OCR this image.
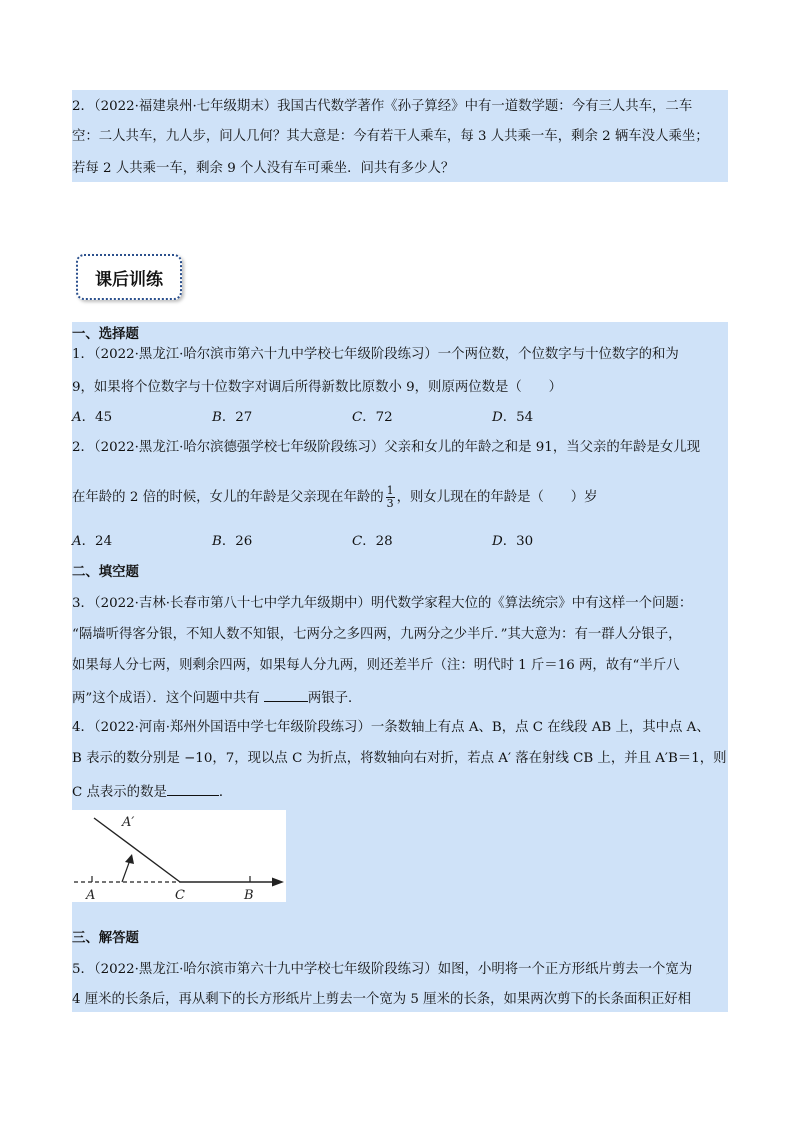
2．（2022·福建泉州·七年级期末）我国古代数学著作《孙子算经》中有一道数学题：今有三人共车，二车
空：二人共车，九人步，问人几何？其大意是：今有若干人乘车，每 3 人共乘一车，剩余 2 辆车没人乘坐；
若每 2 人共乘一车，剩余 9 个人没有车可乘坐．问共有多少人？
课后训练
一、选择题
1．（2022·黑龙江·哈尔滨市第六十九中学校七年级阶段练习）一个两位数，个位数字与十位数字的和为
9，如果将个位数字与十位数字对调后所得新数比原数小 9，则原两位数是（　　）
A．45	B．27	C．72	D．54
2．（2022·黑龙江·哈尔滨德强学校七年级阶段练习）父亲和女儿的年龄之和是 91，当父亲的年龄是女儿现
在年龄的 2 倍的时候，女儿的年龄是父亲现在年龄的 $\frac{1}{3}$ ，则女儿现在的年龄是（　　）岁
A．24	B．26	C．28	D．30
二、填空题
3．（2022·吉林·长春市第八十七中学九年级期中）明代数学家程大位的《算法统宗》中有这样一个问题：
“隔墙听得客分银，不知人数不知银，七两分之多四两，九两分之少半斤．”其大意为：有一群人分银子，
如果每人分七两，则剩余四两，如果每人分九两，则还差半斤（注：明代时 1 斤＝16 两，故有“半斤八
两”这个成语）．这个问题中共有	两银子．
4．（2022·河南·郑州外国语中学七年级阶段练习）一条数轴上有点 A、B，点 C 在线段 AB 上，其中点 A、
B 表示的数分别是 −10，7，现以点 C 为折点，将数轴向右对折，若点 A′ 落在射线 CB 上，并且 A′B＝1，则
C 点表示的数是	．
A′
A	C	B
三、解答题
5．（2022·黑龙江·哈尔滨市第六十九中学校七年级阶段练习）如图，小明将一个正方形纸片剪去一个宽为
4 厘米的长条后，再从剩下的长方形纸片上剪去一个宽为 5 厘米的长条，如果两次剪下的长条面积正好相
